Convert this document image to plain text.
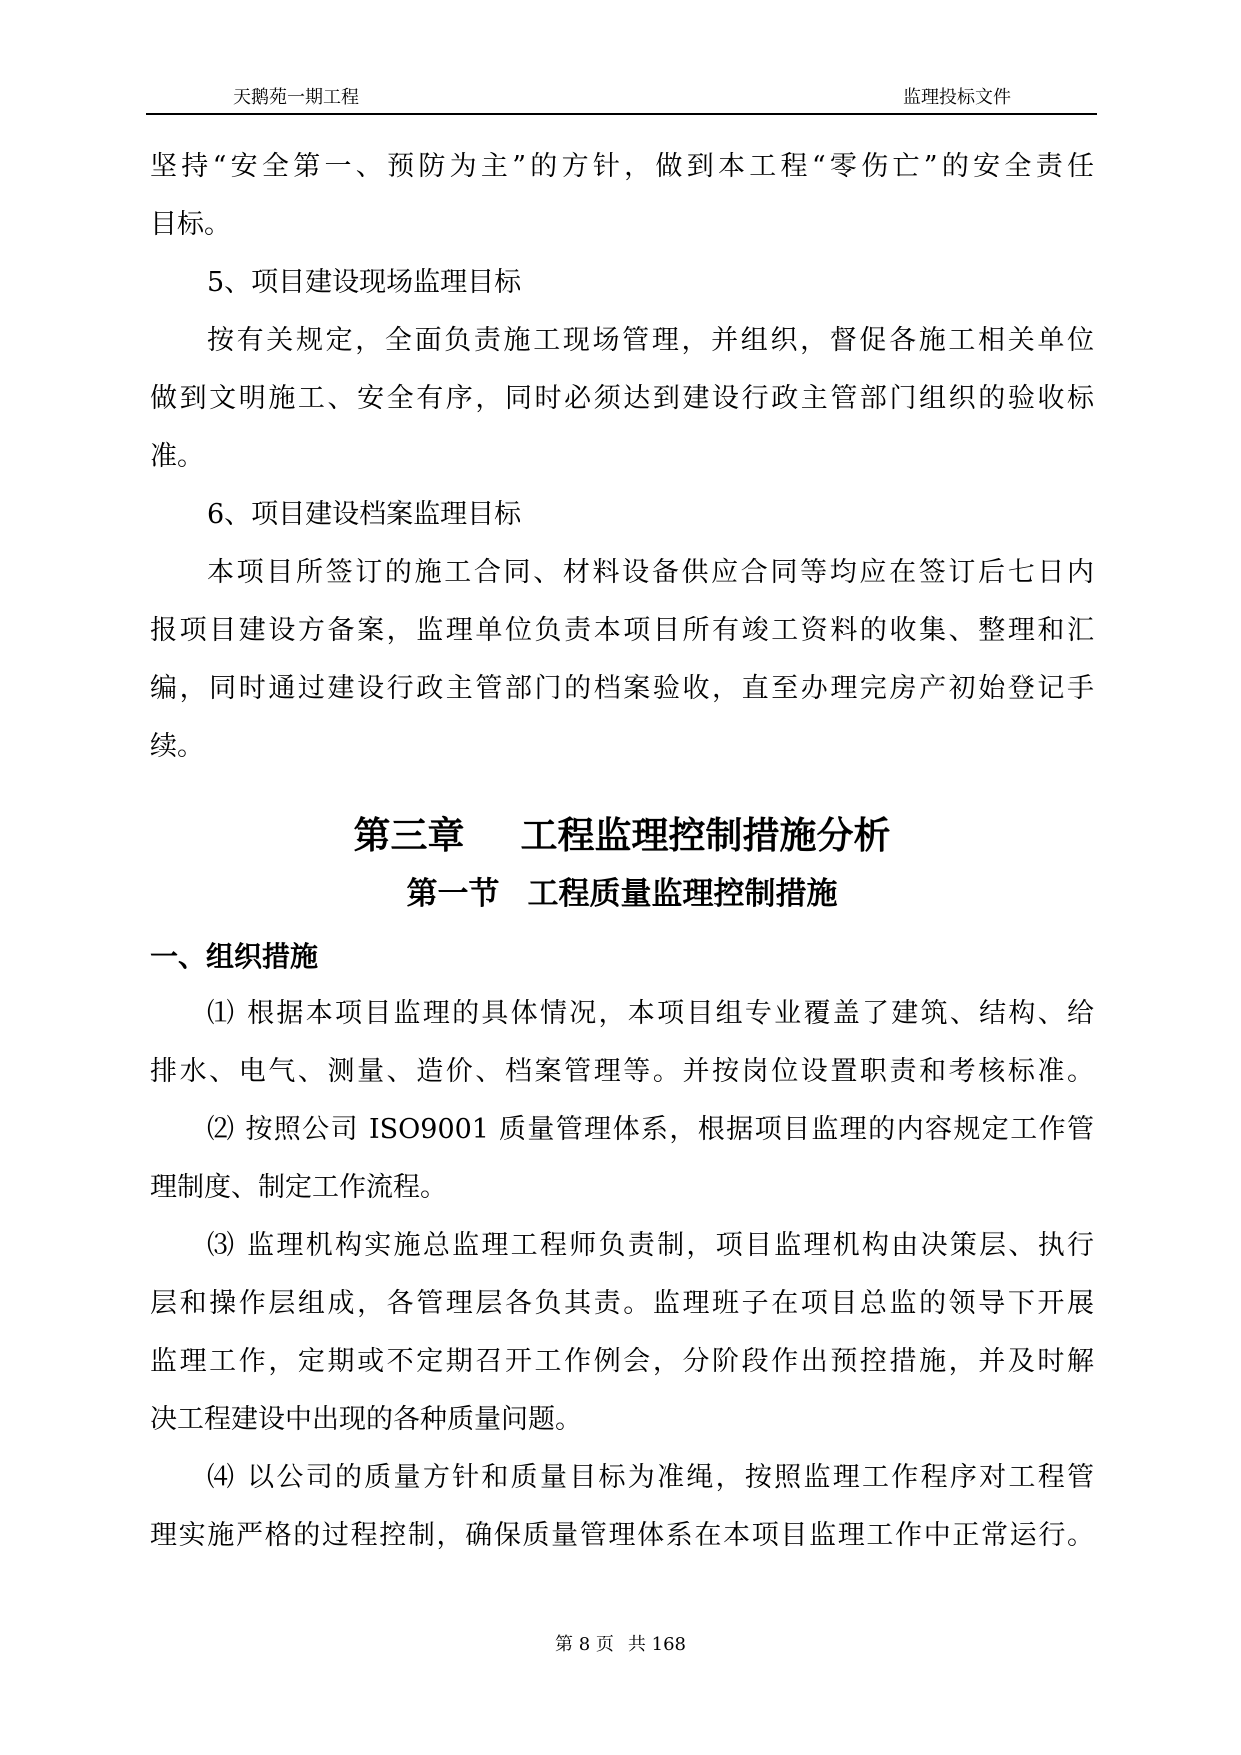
天鹅苑一期工程	监理投标文件
坚持“安全第一、预防为主”的方针，做到本工程“零伤亡”的安全责任
目标。
5、项目建设现场监理目标
按有关规定，全面负责施工现场管理，并组织，督促各施工相关单位
做到文明施工、安全有序，同时必须达到建设行政主管部门组织的验收标
准。
6、项目建设档案监理目标
本项目所签订的施工合同、材料设备供应合同等均应在签订后七日内
报项目建设方备案，监理单位负责本项目所有竣工资料的收集、整理和汇
编，同时通过建设行政主管部门的档案验收，直至办理完房产初始登记手
续。
第三章 工程监理控制措施分析
第一节 工程质量监理控制措施
一、组织措施
⑴ 根据本项目监理的具体情况，本项目组专业覆盖了建筑、结构、给
排水、电气、测量、造价、档案管理等。并按岗位设置职责和考核标准。
⑵ 按照公司 ISO9001 质量管理体系，根据项目监理的内容规定工作管
理制度、制定工作流程。
⑶ 监理机构实施总监理工程师负责制，项目监理机构由决策层、执行
层和操作层组成，各管理层各负其责。监理班子在项目总监的领导下开展
监理工作，定期或不定期召开工作例会，分阶段作出预控措施，并及时解
决工程建设中出现的各种质量问题。
⑷ 以公司的质量方针和质量目标为准绳，按照监理工作程序对工程管
理实施严格的过程控制，确保质量管理体系在本项目监理工作中正常运行。
第 8 页 共 168
